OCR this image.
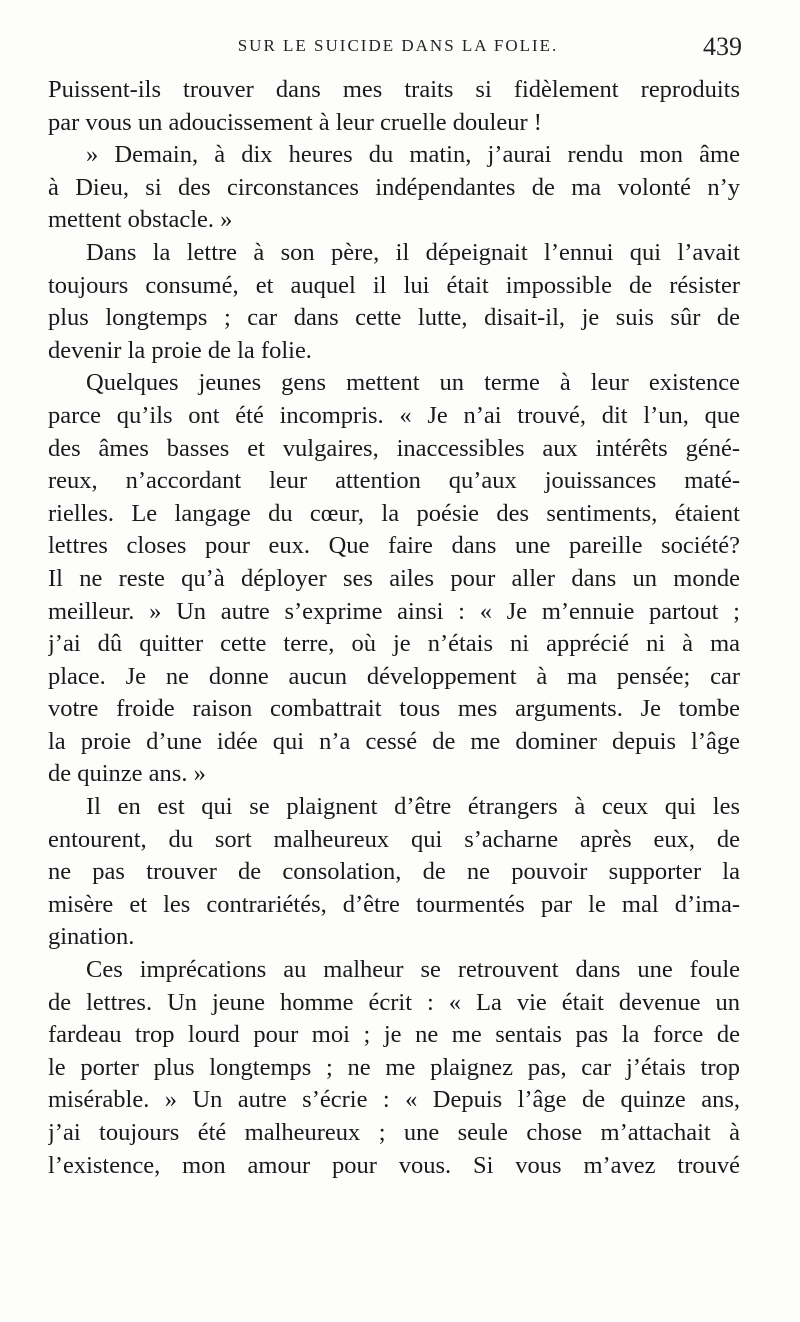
SUR LE SUICIDE DANS LA FOLIE.	439
Puissent-ils trouver dans mes traits si fidèlement reproduits
par vous un adoucissement à leur cruelle douleur !
» Demain, à dix heures du matin, j’aurai rendu mon âme
à Dieu, si des circonstances indépendantes de ma volonté n’y
mettent obstacle. »
Dans la lettre à son père, il dépeignait l’ennui qui l’avait
toujours consumé, et auquel il lui était impossible de résister
plus longtemps ; car dans cette lutte, disait-il, je suis sûr de
devenir la proie de la folie.
Quelques jeunes gens mettent un terme à leur existence
parce qu’ils ont été incompris. « Je n’ai trouvé, dit l’un, que
des âmes basses et vulgaires, inaccessibles aux intérêts géné-
reux, n’accordant leur attention qu’aux jouissances maté-
rielles. Le langage du cœur, la poésie des sentiments, étaient
lettres closes pour eux. Que faire dans une pareille société?
Il ne reste qu’à déployer ses ailes pour aller dans un monde
meilleur. » Un autre s’exprime ainsi : « Je m’ennuie partout ;
j’ai dû quitter cette terre, où je n’étais ni apprécié ni à ma
place. Je ne donne aucun développement à ma pensée; car
votre froide raison combattrait tous mes arguments. Je tombe
la proie d’une idée qui n’a cessé de me dominer depuis l’âge
de quinze ans. »
Il en est qui se plaignent d’être étrangers à ceux qui les
entourent, du sort malheureux qui s’acharne après eux, de
ne pas trouver de consolation, de ne pouvoir supporter la
misère et les contrariétés, d’être tourmentés par le mal d’ima-
gination.
Ces imprécations au malheur se retrouvent dans une foule
de lettres. Un jeune homme écrit : « La vie était devenue un
fardeau trop lourd pour moi ; je ne me sentais pas la force de
le porter plus longtemps ; ne me plaignez pas, car j’étais trop
misérable. » Un autre s’écrie : « Depuis l’âge de quinze ans,
j’ai toujours été malheureux ; une seule chose m’attachait à
l’existence, mon amour pour vous. Si vous m’avez trouvé
